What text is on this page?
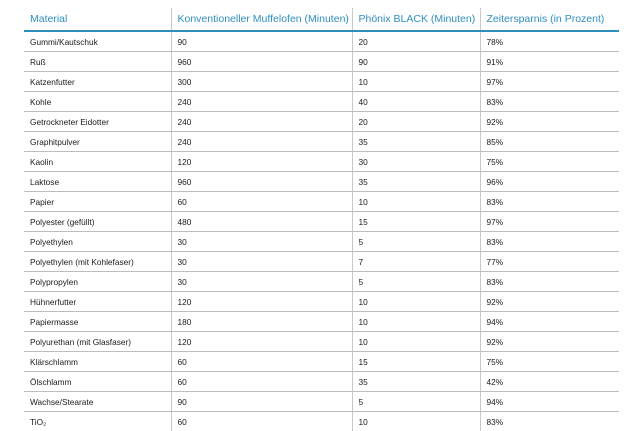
Material	Konventioneller Muffelofen (Minuten)	Phönix BLACK (Minuten)	Zeitersparnis (in Prozent)
Gummi/Kautschuk	90	20	78%
Ruß	960	90	91%
Katzenfutter	300	10	97%
Kohle	240	40	83%
Getrockneter Eidotter	240	20	92%
Graphitpulver	240	35	85%
Kaolin	120	30	75%
Laktose	960	35	96%
Papier	60	10	83%
Polyester (gefüllt)	480	15	97%
Polyethylen	30	5	83%
Polyethylen (mit Kohlefaser)	30	7	77%
Polypropylen	30	5	83%
Hühnerfutter	120	10	92%
Papiermasse	180	10	94%
Polyurethan (mit Glasfaser)	120	10	92%
Klärschlamm	60	15	75%
Ölschlamm	60	35	42%
Wachse/Stearate	90	5	94%
TiO₂	60	10	83%
